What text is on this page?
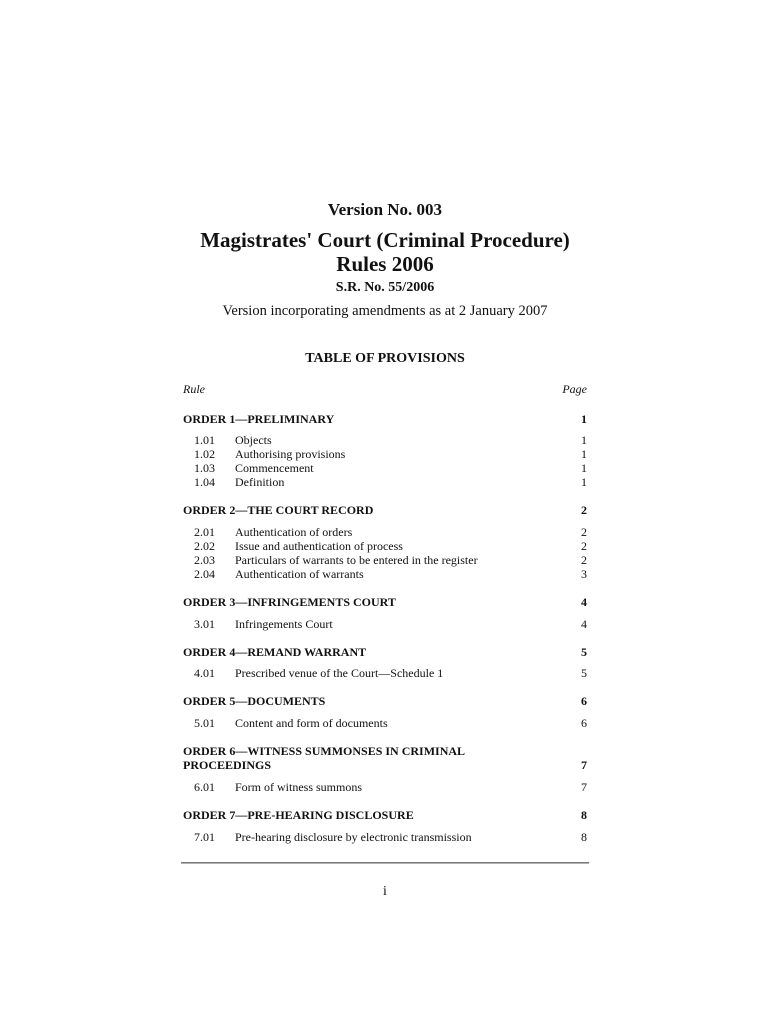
Version No. 003
Magistrates' Court (Criminal Procedure)
Rules 2006
S.R. No. 55/2006
Version incorporating amendments as at 2 January 2007
TABLE OF PROVISIONS
Rule	Page
ORDER 1—PRELIMINARY	1
1.01 Objects	1
1.02 Authorising provisions	1
1.03 Commencement	1
1.04 Definition	1
ORDER 2—THE COURT RECORD	2
2.01 Authentication of orders	2
2.02 Issue and authentication of process	2
2.03 Particulars of warrants to be entered in the register	2
2.04 Authentication of warrants	3
ORDER 3—INFRINGEMENTS COURT	4
3.01 Infringements Court	4
ORDER 4—REMAND WARRANT	5
4.01 Prescribed venue of the Court—Schedule 1	5
ORDER 5—DOCUMENTS	6
5.01 Content and form of documents	6
ORDER 6—WITNESS SUMMONSES IN CRIMINAL PROCEEDINGS	7
6.01 Form of witness summons	7
ORDER 7—PRE-HEARING DISCLOSURE	8
7.01 Pre-hearing disclosure by electronic transmission	8
i
